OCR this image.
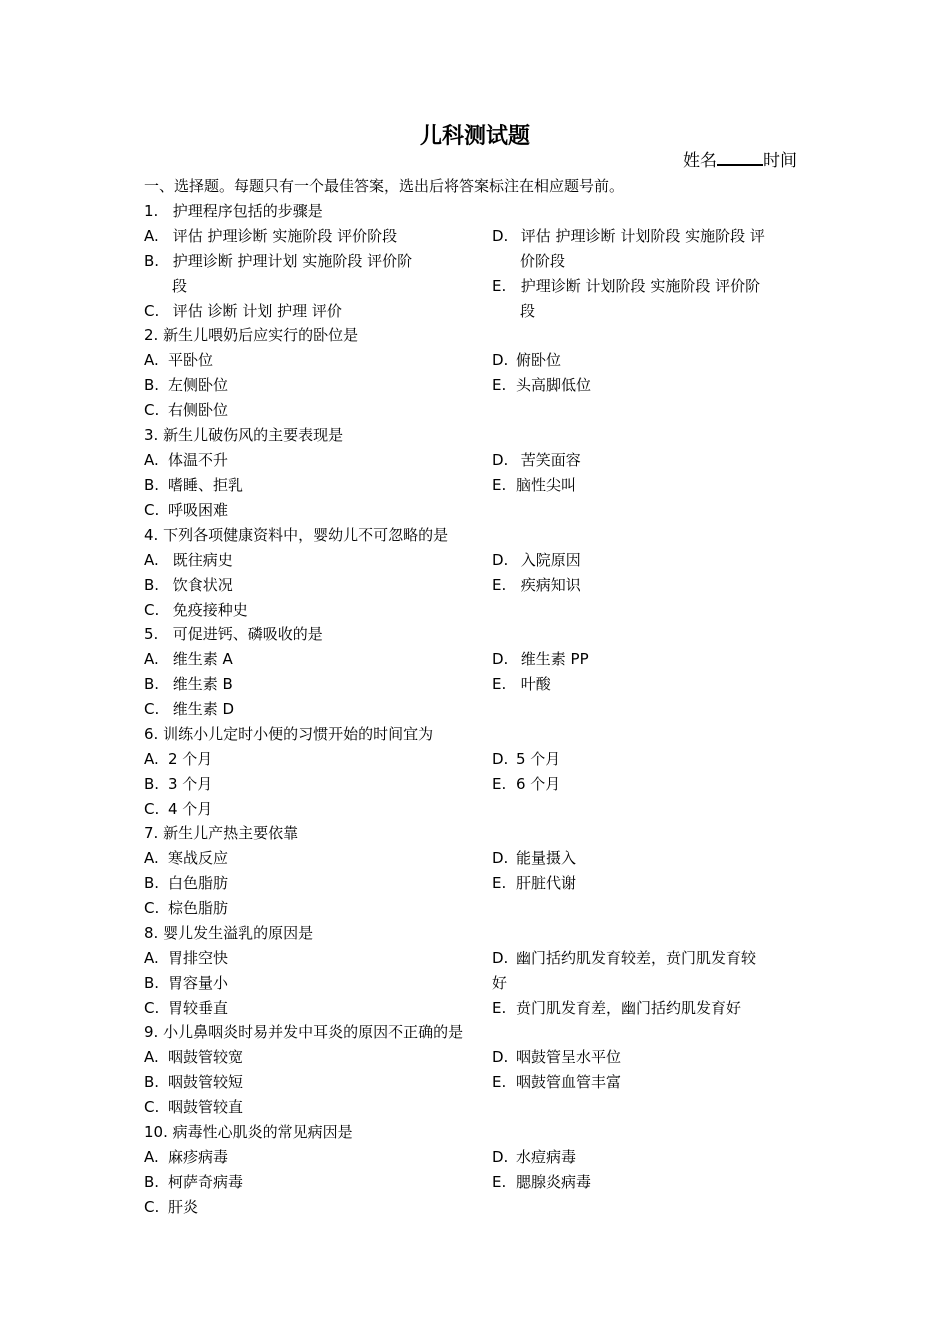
儿科测试题
姓名	时间
一、选择题。每题只有一个最佳答案，选出后将答案标注在相应题号前。
1. 护理程序包括的步骤是
A. 评估 护理诊断 实施阶段 评价阶段
B. 护理诊断 护理计划 实施阶段 评价阶
段
C. 评估 诊断 计划 护理 评价
D. 评估 护理诊断 计划阶段 实施阶段 评
价阶段
E. 护理诊断 计划阶段 实施阶段 评价阶
段
2. 新生儿喂奶后应实行的卧位是
A. 平卧位
B. 左侧卧位
C. 右侧卧位
D. 俯卧位
E. 头高脚低位
3. 新生儿破伤风的主要表现是
A. 体温不升
B. 嗜睡、拒乳
C. 呼吸困难
D. 苦笑面容
E. 脑性尖叫
4. 下列各项健康资料中，婴幼儿不可忽略的是
A. 既往病史
B. 饮食状况
C. 免疫接种史
D. 入院原因
E. 疾病知识
5. 可促进钙、磷吸收的是
A. 维生素 A
B. 维生素 B
C. 维生素 D
D. 维生素 PP
E. 叶酸
6. 训练小儿定时小便的习惯开始的时间宜为
A. 2 个月
B. 3 个月
C. 4 个月
D. 5 个月
E. 6 个月
7. 新生儿产热主要依靠
A. 寒战反应
B. 白色脂肪
C. 棕色脂肪
D. 能量摄入
E. 肝脏代谢
8. 婴儿发生溢乳的原因是
A. 胃排空快
B. 胃容量小
C. 胃较垂直
D. 幽门括约肌发育较差，贲门肌发育较
好
E. 贲门肌发育差，幽门括约肌发育好
9. 小儿鼻咽炎时易并发中耳炎的原因不正确的是
A. 咽鼓管较宽
B. 咽鼓管较短
C. 咽鼓管较直
D. 咽鼓管呈水平位
E. 咽鼓管血管丰富
10. 病毒性心肌炎的常见病因是
A. 麻疹病毒
B. 柯萨奇病毒
C. 肝炎
D. 水痘病毒
E. 腮腺炎病毒
